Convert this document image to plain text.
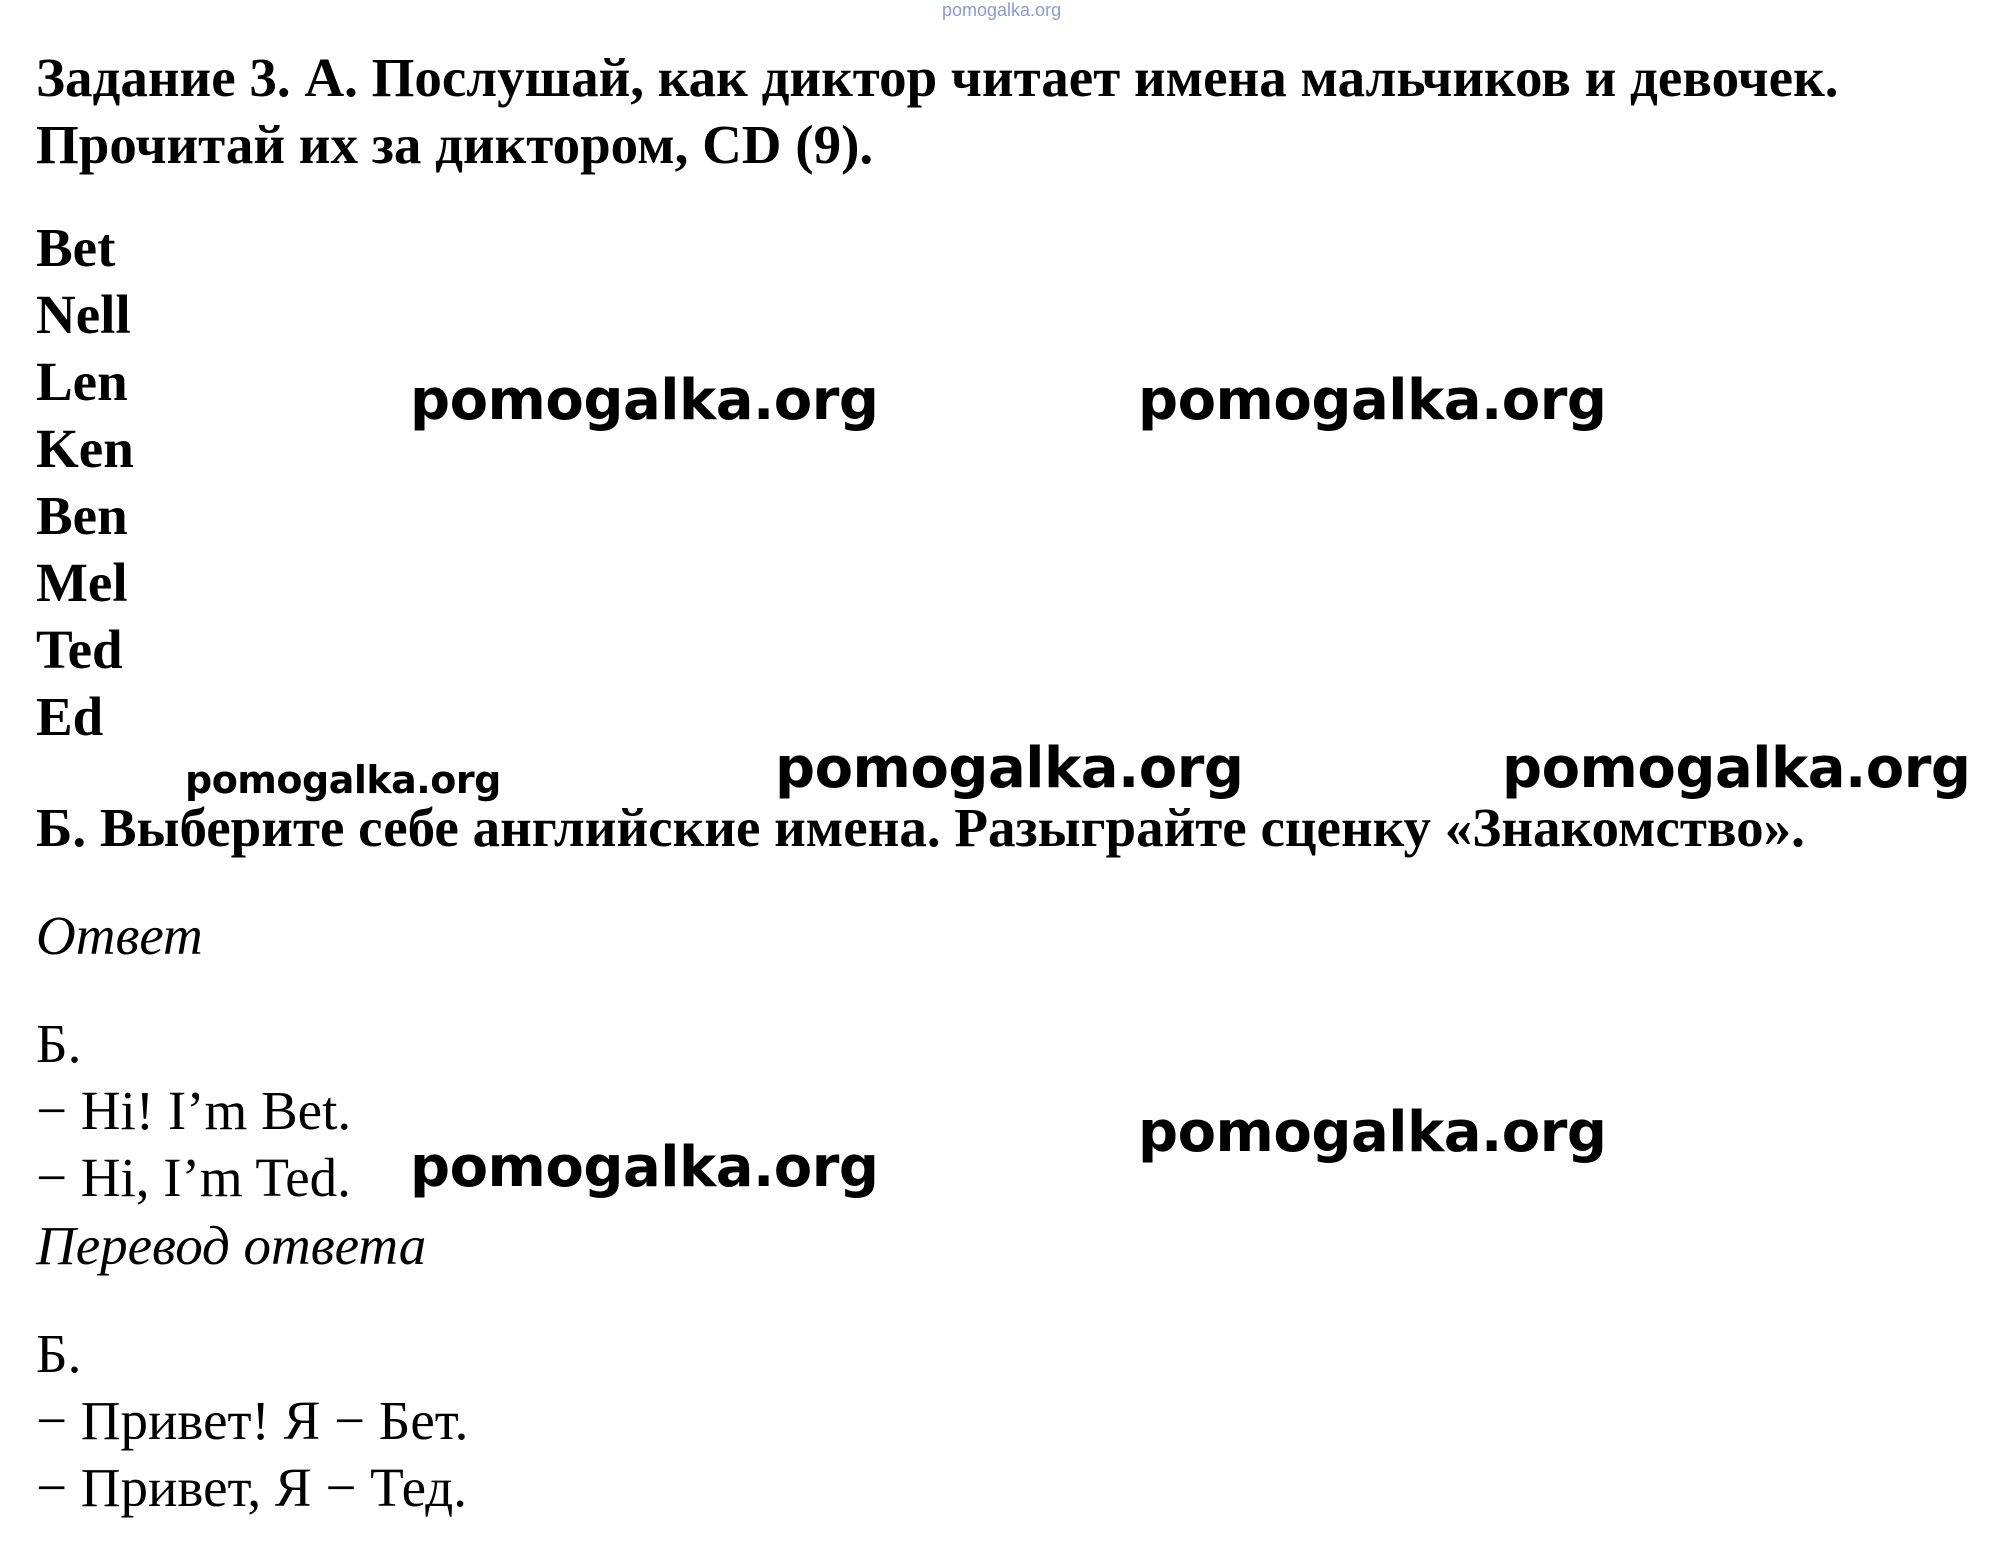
pomogalka.org
Задание 3. А. Послушай, как диктор читает имена мальчиков и девочек.
Прочитай их за диктором, CD (9).
Bet
Nell
Len
Ken
Ben
Mel
Ted
Ed
Б. Выберите себе английские имена. Разыграйте сценку «Знакомство».
Ответ
Б.
− Hi! I’m Bet.
− Hi, I’m Ted.
Перевод ответа
Б.
− Привет! Я − Бет.
− Привет, Я − Тед.
pomogalka.org	pomogalka.org
pomogalka.org	pomogalka.org	pomogalka.org
pomogalka.org
pomogalka.org
